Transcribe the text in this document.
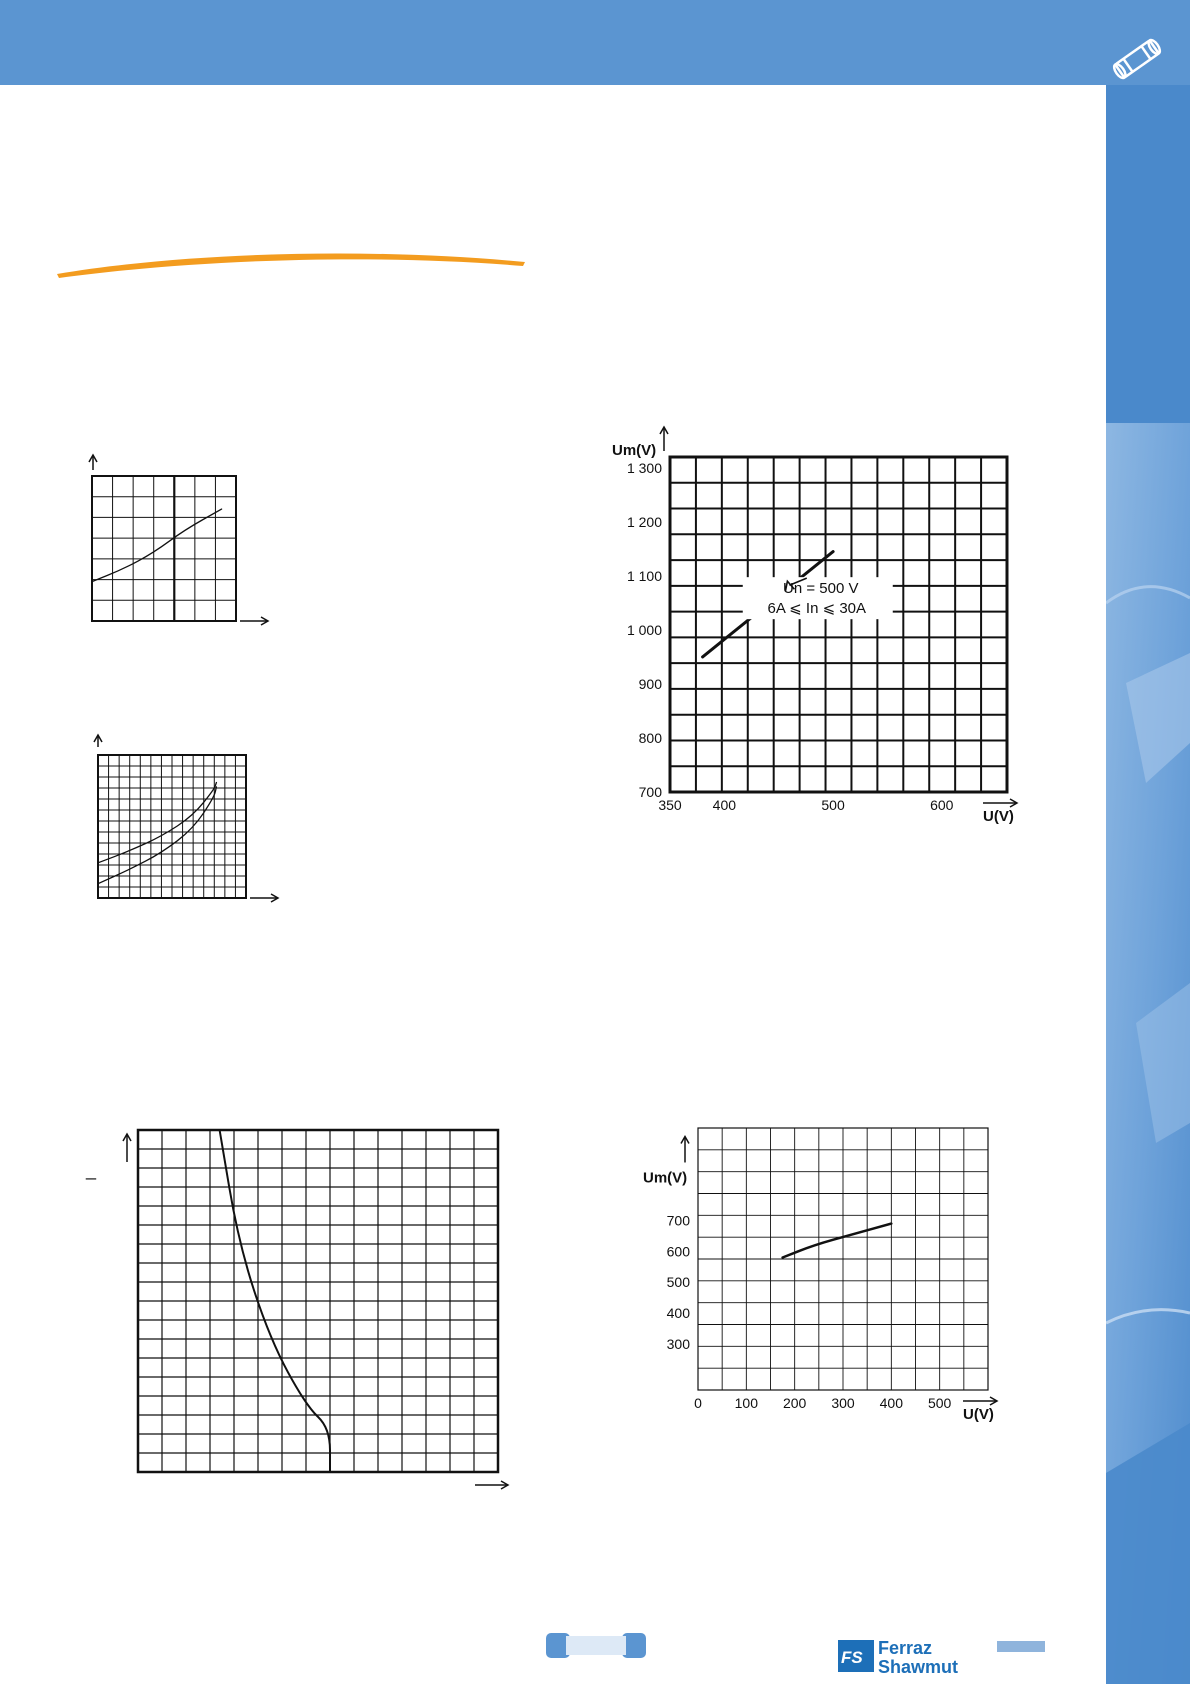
350 400	500	600
700
800
900
1 000
1 100
1 200
1 300
Um(V)
U(V)
Un = 500 V
6A ⩽ In ⩽ 30A
_
0 100 200 300 400 500
300
400
500
600
700
Um(V)
U(V)
FS Ferraz
Shawmut
